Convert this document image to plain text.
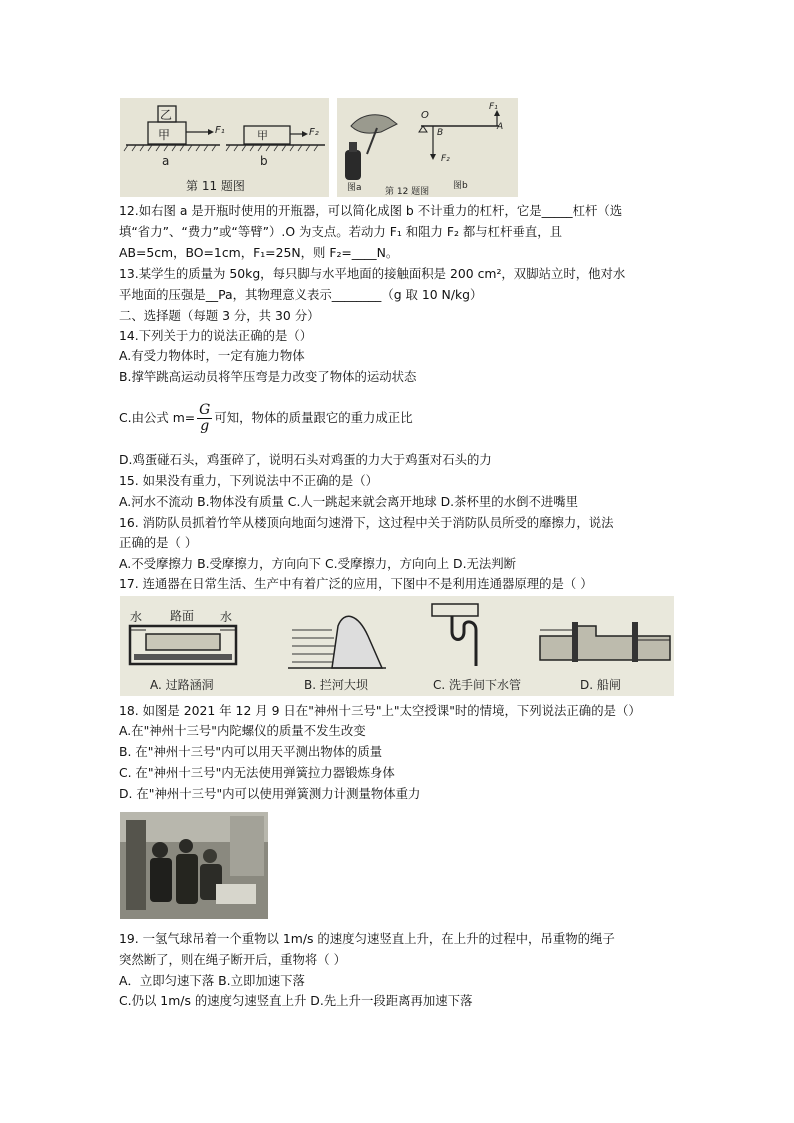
乙
甲	甲
F₁	F₂
a	b
第 11 题图
O
B
A
F₁
F₂
图a	第 12 题图
图b
12.如右图 a 是开瓶时使用的开瓶器，可以简化成图 b 不计重力的杠杆，它是_____杠杆（选
填“省力”、“费力”或“等臂”）.O 为支点。若动力 F₁ 和阻力 F₂ 都与杠杆垂直，且
AB=5cm，BO=1cm，F₁=25N，则 F₂=____N。
13.某学生的质量为 50kg，每只脚与水平地面的接触面积是 200 cm²，双脚站立时，他对水
平地面的压强是__Pa，其物理意义表示________（g 取 10 N/kg）
二、选择题（每题 3 分，共 30 分）
14.下列关于力的说法正确的是（）
A.有受力物体时，一定有施力物体
B.撑竿跳高运动员将竿压弯是力改变了物体的运动状态
C.由公式 $m= \frac{G}{g}$ 可知，物体的质量跟它的重力成正比
D.鸡蛋碰石头，鸡蛋碎了，说明石头对鸡蛋的力大于鸡蛋对石头的力
15. 如果没有重力，下列说法中不正确的是（）
A.河水不流动 B.物体没有质量 C.人一跳起来就会离开地球 D.茶杯里的水倒不进嘴里
16. 消防队员抓着竹竿从楼顶向地面匀速滑下，这过程中关于消防队员所受的靡擦力，说法
正确的是（ ）
A.不受摩擦力 B.受摩擦力，方向向下 C.受摩擦力，方向向上 D.无法判断
17. 连通器在日常生活、生产中有着广泛的应用，下图中不是利用连通器原理的是（ ）
水 路面 水
A. 过路涵洞	B. 拦河大坝	C. 洗手间下水管	D. 船闸
18. 如图是 2021 年 12 月 9 日在"神州十三号"上"太空授课"时的情境，下列说法正确的是（）
A.在"神州十三号"内陀螺仪的质量不发生改变
B. 在"神州十三号"内可以用天平测出物体的质量
C. 在"神州十三号"内无法使用弹簧拉力器锻炼身体
D. 在"神州十三号"内可以使用弹簧测力计测量物体重力
19. 一氢气球吊着一个重物以 1m/s 的速度匀速竖直上升，在上升的过程中，吊重物的绳子
突然断了，则在绳子断开后，重物将（ ）
A．立即匀速下落 B.立即加速下落
C.仍以 1m/s 的速度匀速竖直上升 D.先上升一段距离再加速下落
